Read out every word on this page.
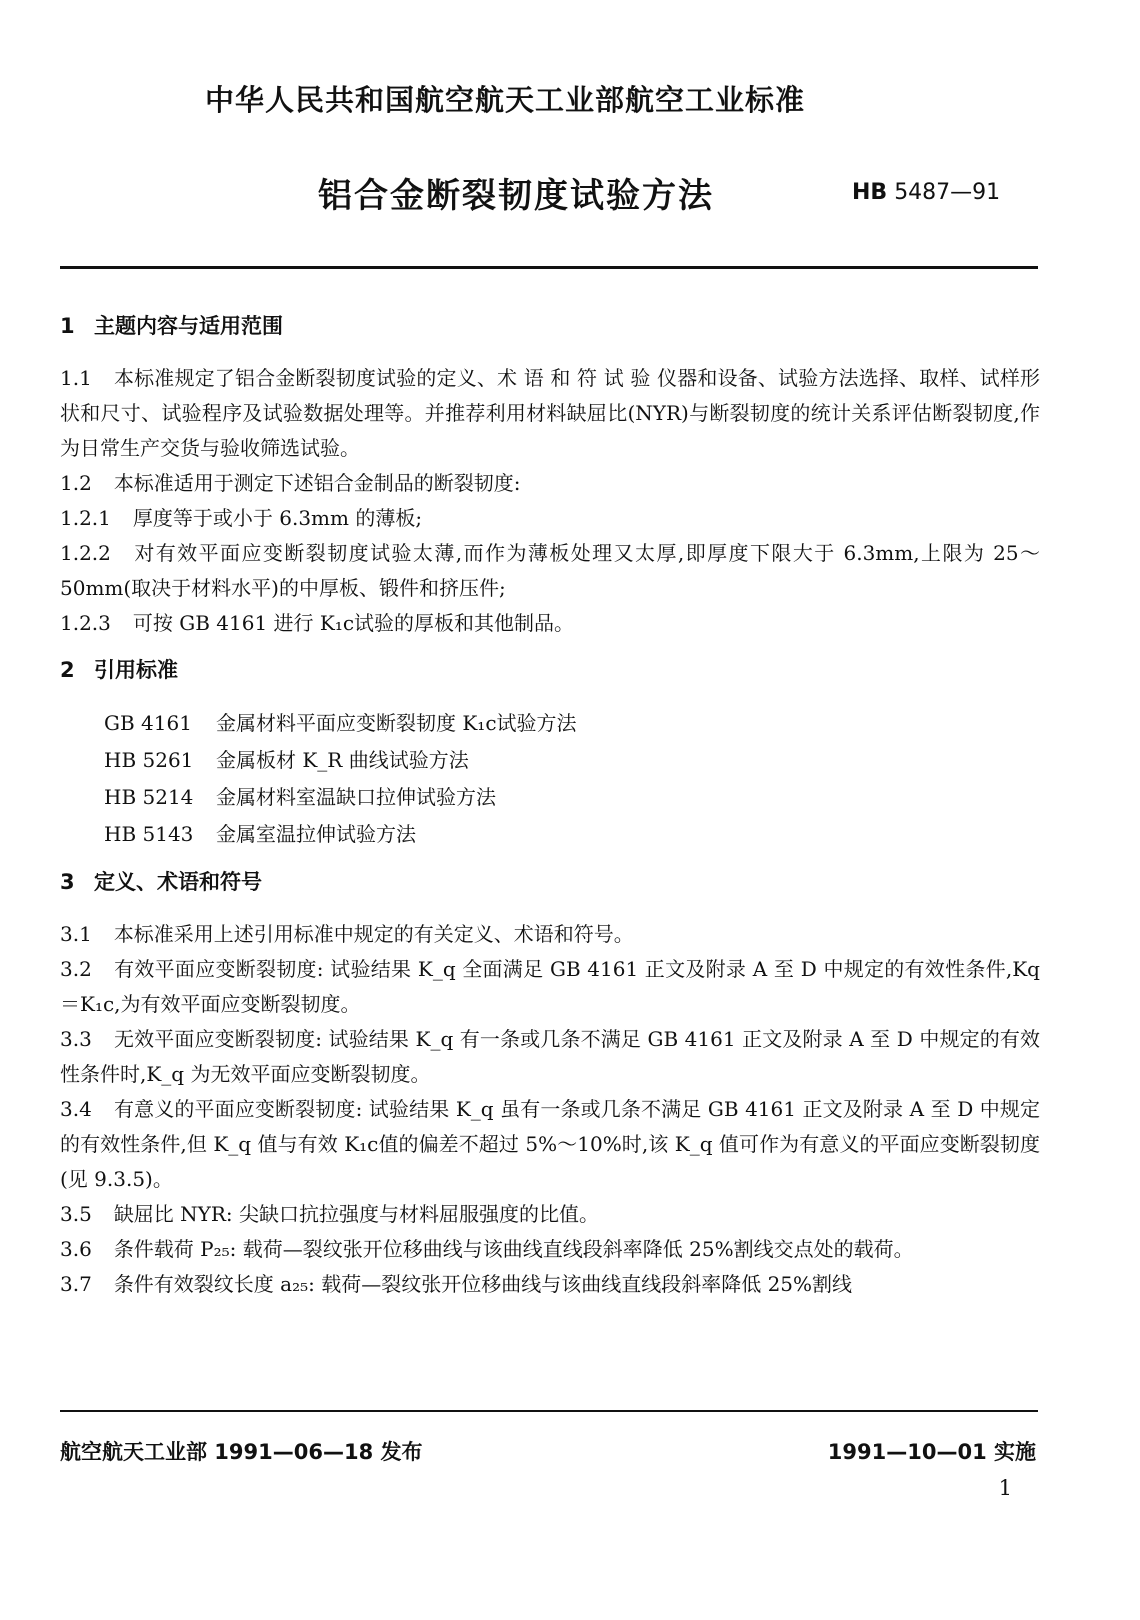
中华人民共和国航空航天工业部航空工业标准
铝合金断裂韧度试验方法	HB 5487—91
1 主题内容与适用范围
1.1 本标准规定了铝合金断裂韧度试验的定义、术 语 和 符 试 验 仪器和设备、试验方法选择、取样、试样形状和尺寸、试验程序及试验数据处理等。并推荐利用材料缺屈比(NYR)与断裂韧度的统计关系评估断裂韧度,作为日常生产交货与验收筛选试验。
1.2 本标准适用于测定下述铝合金制品的断裂韧度:
1.2.1 厚度等于或小于 6.3mm 的薄板;
1.2.2 对有效平面应变断裂韧度试验太薄,而作为薄板处理又太厚,即厚度下限大于 6.3mm,上限为 25～50mm(取决于材料水平)的中厚板、锻件和挤压件;
1.2.3 可按 GB 4161 进行 K₁c试验的厚板和其他制品。
2 引用标准
GB 4161 金属材料平面应变断裂韧度 K₁c试验方法
HB 5261 金属板材 K_R 曲线试验方法
HB 5214 金属材料室温缺口拉伸试验方法
HB 5143 金属室温拉伸试验方法
3 定义、术语和符号
3.1 本标准采用上述引用标准中规定的有关定义、术语和符号。
3.2 有效平面应变断裂韧度: 试验结果 K_q 全面满足 GB 4161 正文及附录 A 至 D 中规定的有效性条件,Kq＝K₁c,为有效平面应变断裂韧度。
3.3 无效平面应变断裂韧度: 试验结果 K_q 有一条或几条不满足 GB 4161 正文及附录 A 至 D 中规定的有效性条件时,K_q 为无效平面应变断裂韧度。
3.4 有意义的平面应变断裂韧度: 试验结果 K_q 虽有一条或几条不满足 GB 4161 正文及附录 A 至 D 中规定的有效性条件,但 K_q 值与有效 K₁c值的偏差不超过 5%～10%时,该 K_q 值可作为有意义的平面应变断裂韧度(见 9.3.5)。
3.5 缺屈比 NYR: 尖缺口抗拉强度与材料屈服强度的比值。
3.6 条件载荷 P₂₅: 载荷—裂纹张开位移曲线与该曲线直线段斜率降低 25%割线交点处的载荷。
3.7 条件有效裂纹长度 a₂₅: 载荷—裂纹张开位移曲线与该曲线直线段斜率降低 25%割线
航空航天工业部 1991—06—18 发布	1991—10—01 实施
1
